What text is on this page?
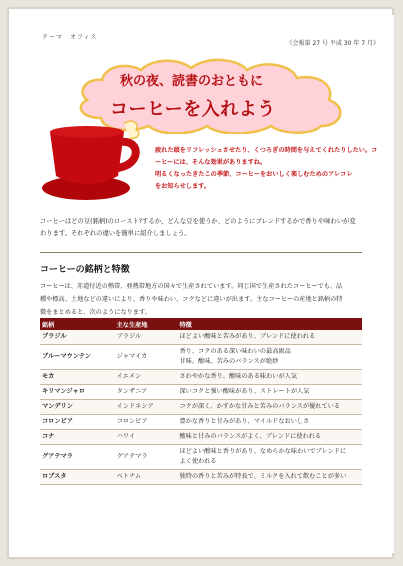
テーマ　オフィス
《会報第 27 号 平成 30 年 7 月》
秋の夜、読書のおともに
コーヒーを入れよう
疲れた頭をリフレッシュさせたり、くつろぎの時間を与えてくれたりしたい。コ
ーヒーには、そんな効果がありますね。
明るくなったきたこの季節、コーヒーをおいしく楽しむためのアレコレ
をお知らせします。
コーヒーはどの豆(銘柄)のロースト?するか、どんな豆を使うか、どのようにブレンドするかで香りや味わいが変
わります。それぞれの違いを簡単に紹介しましょう。
コーヒーの銘柄と特徴
コーヒーは、赤道付近の熱帯、亜熱帯地方の国々で生産されています。同じ国で生産されたコーヒーでも、品
種や標高、土地などの違いにより、香りや味わい、コクなどに違いが出ます。主なコーヒーの産地と銘柄の特
徴をまとめると、次のようになります。
銘柄	主な生産地	特徴
ブラジル	ブラジル	ほどよい酸味と苦みがあり、ブレンドに使われる
ブルーマウンテン	ジャマイカ	香り、コクのある深い味わいの最高級品
甘味、酸味、苦みのバランスが絶妙
モカ	イエメン	さわやかな香り、酸味のある味わいが人気
キリマンジャロ	タンザニア	深いコクと強い酸味があり、ストレートが人気
マンデリン	インドネシア	コクが深く、かすかな甘みと苦みのバランスが優れている
コロンビア	コロンビア	豊かな香りと甘みがあり、マイルドなおいしさ
コナ	ハワイ	酸味と甘みのバランスがよく、ブレンドに使われる
グアテマラ	グアテマラ	ほどよい酸味と香りがあり、なめらかな味わいでブレンドに
よく使われる
ロブスタ	ベトナム	独特の香りと苦みが特長で、ミルクを入れて飲むことが多い
